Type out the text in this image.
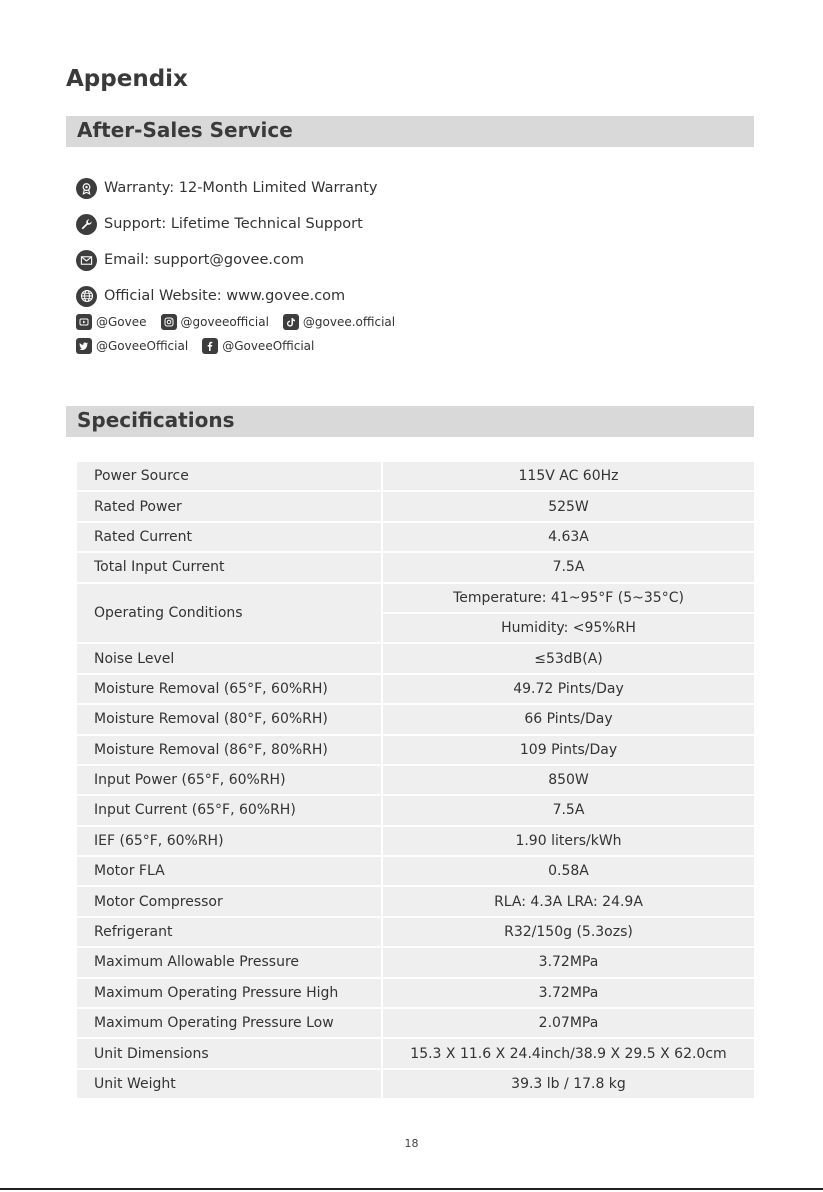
Appendix
After-Sales Service
Warranty: 12-Month Limited Warranty
Support: Lifetime Technical Support
Email: support@govee.com
Official Website: www.govee.com
@Govee	@goveeofficial	@govee.official
@GoveeOfficial	@GoveeOfficial
Specifications
Power Source	115V AC 60Hz
Rated Power	525W
Rated Current	4.63A
Total Input Current	7.5A
Operating Conditions	Temperature: 41~95°F (5~35°C)
	Humidity: <95%RH
Noise Level	≤53dB(A)
Moisture Removal (65°F, 60%RH)	49.72 Pints/Day
Moisture Removal (80°F, 60%RH)	66 Pints/Day
Moisture Removal (86°F, 80%RH)	109 Pints/Day
Input Power (65°F, 60%RH)	850W
Input Current (65°F, 60%RH)	7.5A
IEF (65°F, 60%RH)	1.90 liters/kWh
Motor FLA	0.58A
Motor Compressor	RLA: 4.3A LRA: 24.9A
Refrigerant	R32/150g (5.3ozs)
Maximum Allowable Pressure	3.72MPa
Maximum Operating Pressure High	3.72MPa
Maximum Operating Pressure Low	2.07MPa
Unit Dimensions	15.3 X 11.6 X 24.4inch/38.9 X 29.5 X 62.0cm
Unit Weight	39.3 lb / 17.8 kg
18
